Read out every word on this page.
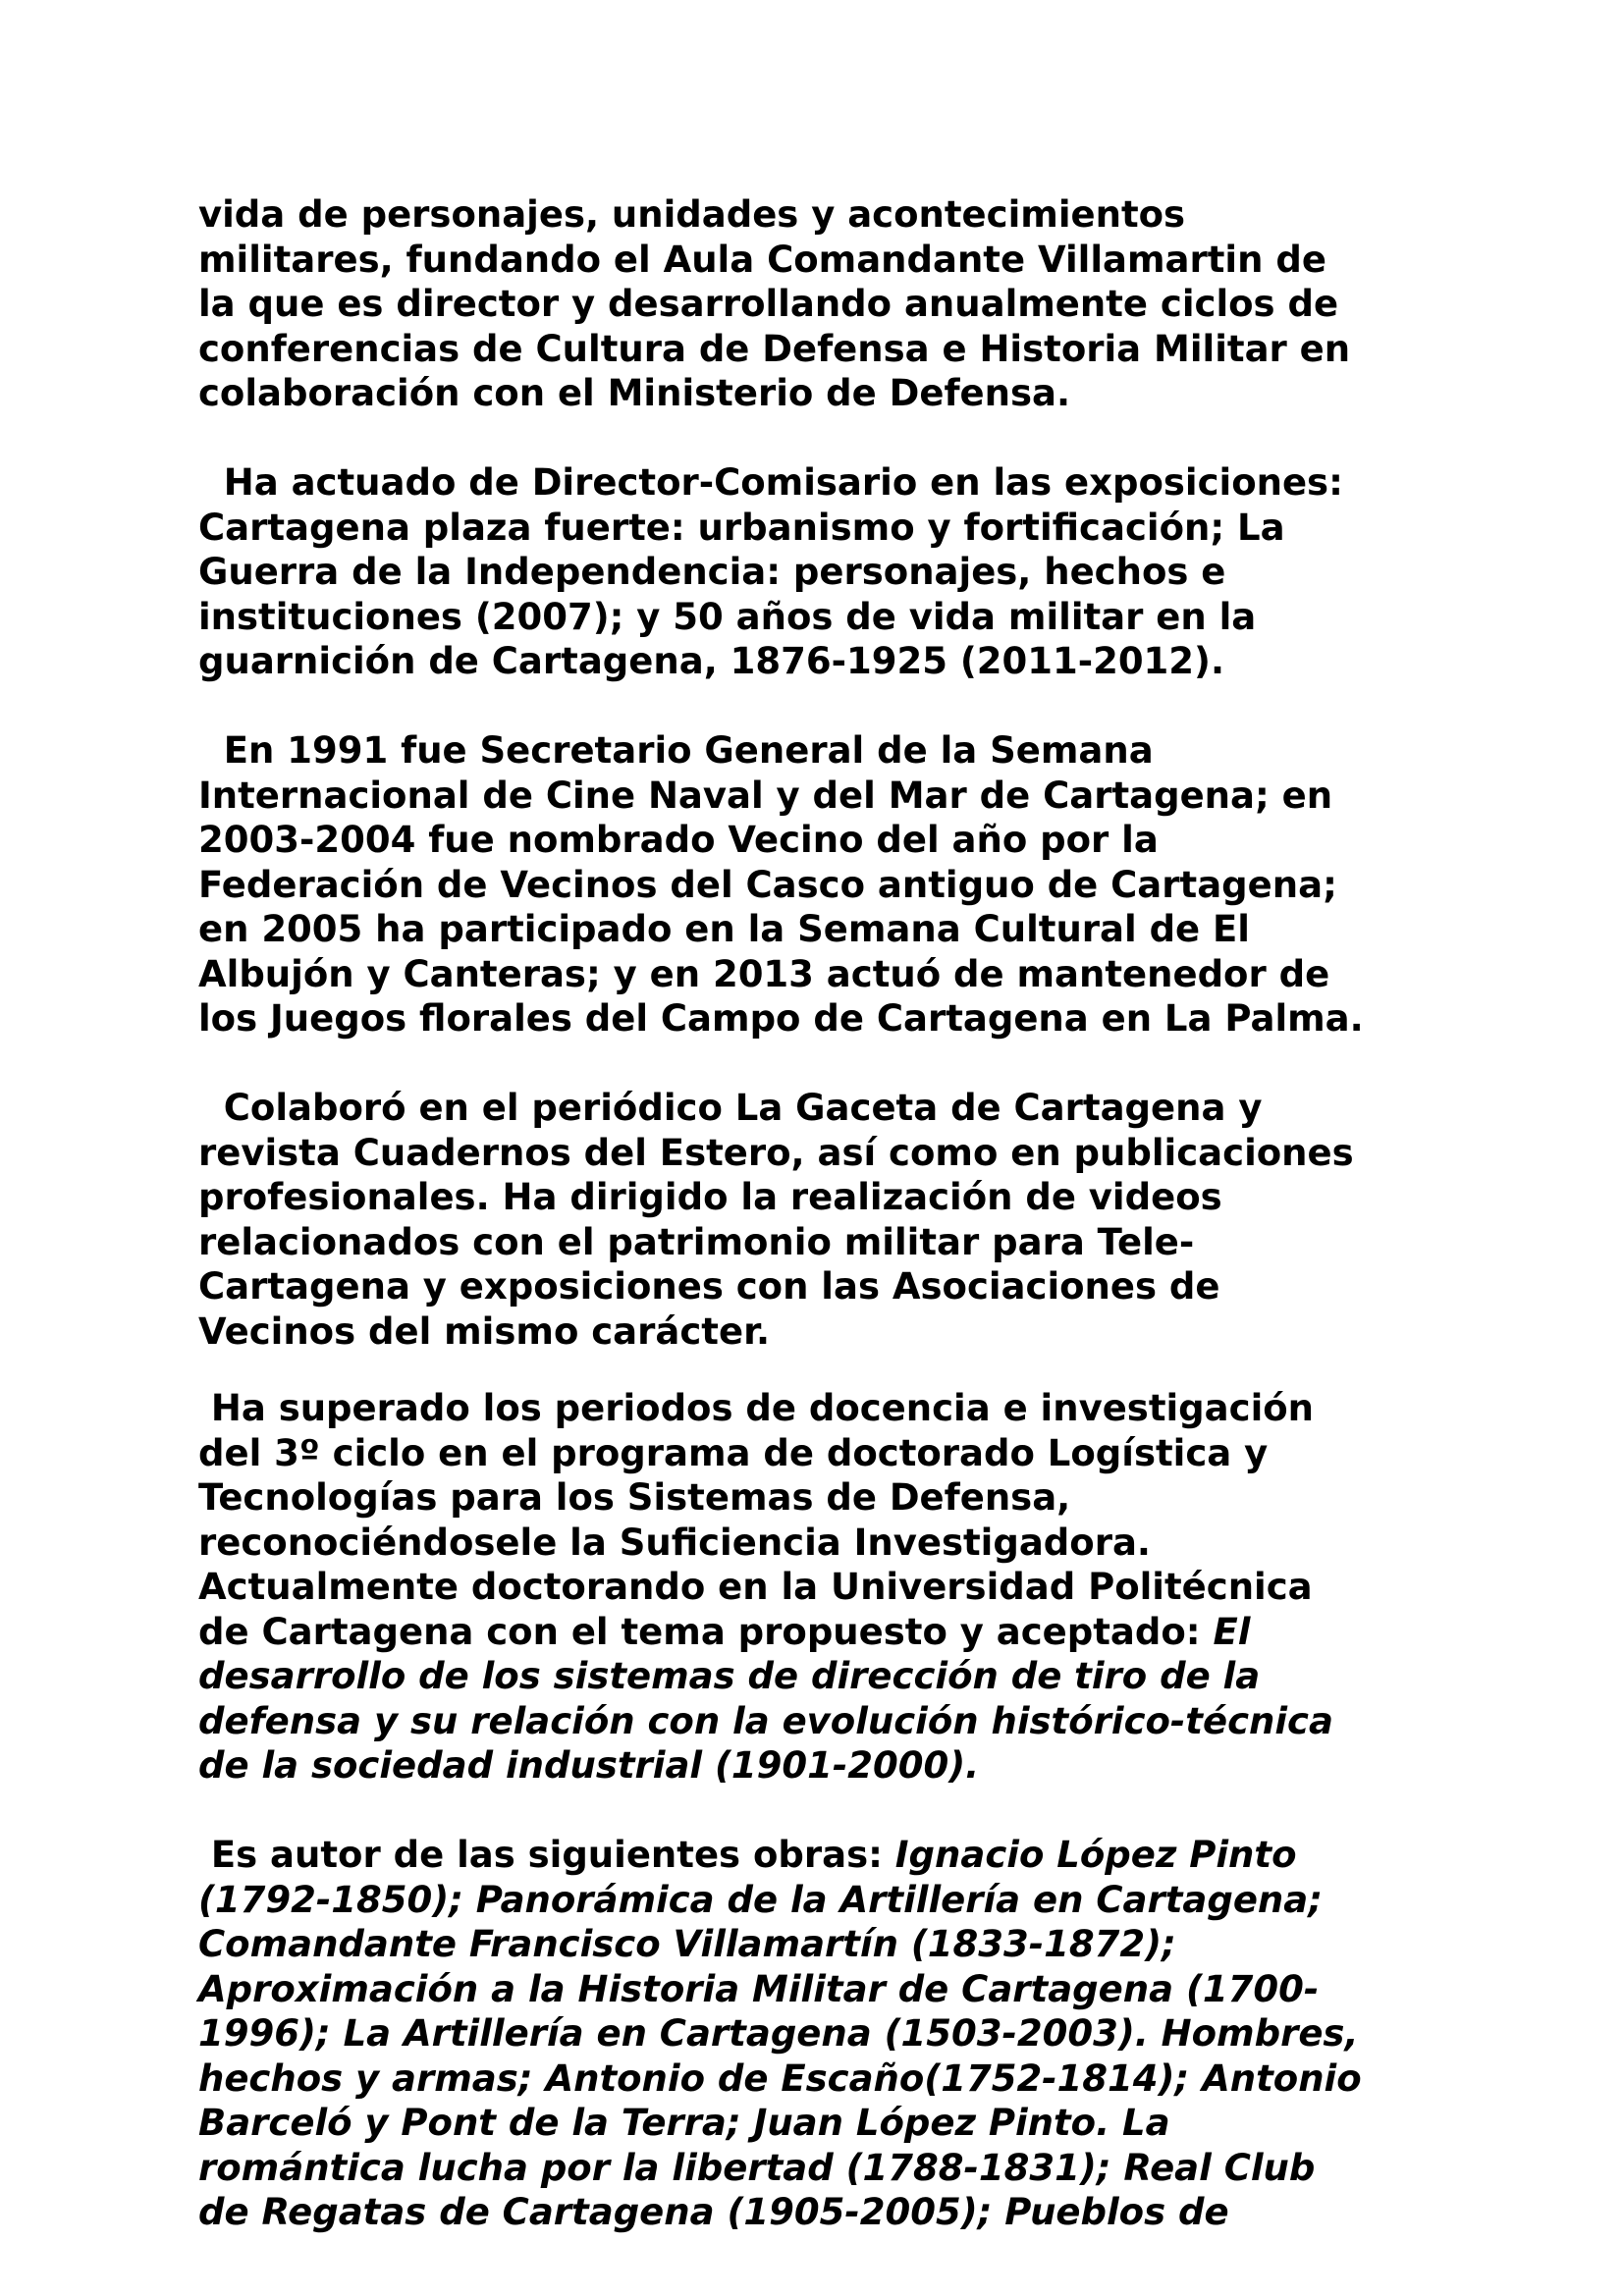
vida de personajes, unidades y acontecimientos
militares, fundando el Aula Comandante Villamartin de
la que es director y desarrollando anualmente ciclos de
conferencias de Cultura de Defensa e Historia Militar en
colaboración con el Ministerio de Defensa.
Ha actuado de Director-Comisario en las exposiciones:
Cartagena plaza fuerte: urbanismo y fortificación; La
Guerra de la Independencia: personajes, hechos e
instituciones (2007); y 50 años de vida militar en la
guarnición de Cartagena, 1876-1925 (2011-2012).
En 1991 fue Secretario General de la Semana
Internacional de Cine Naval y del Mar de Cartagena; en
2003-2004 fue nombrado Vecino del año por la
Federación de Vecinos del Casco antiguo de Cartagena;
en 2005 ha participado en la Semana Cultural de El
Albujón y Canteras; y en 2013 actuó de mantenedor de
los Juegos florales del Campo de Cartagena en La Palma.
Colaboró en el periódico La Gaceta de Cartagena y
revista Cuadernos del Estero, así como en publicaciones
profesionales. Ha dirigido la realización de videos
relacionados con el patrimonio militar para Tele-
Cartagena y exposiciones con las Asociaciones de
Vecinos del mismo carácter.
Ha superado los periodos de docencia e investigación
del 3º ciclo en el programa de doctorado Logística y
Tecnologías para los Sistemas de Defensa,
reconociéndosele la Suficiencia Investigadora.
Actualmente doctorando en la Universidad Politécnica
de Cartagena con el tema propuesto y aceptado: El
desarrollo de los sistemas de dirección de tiro de la
defensa y su relación con la evolución histórico-técnica
de la sociedad industrial (1901-2000).
Es autor de las siguientes obras: Ignacio López Pinto
(1792-1850); Panorámica de la Artillería en Cartagena;
Comandante Francisco Villamartín (1833-1872);
Aproximación a la Historia Militar de Cartagena (1700-
1996); La Artillería en Cartagena (1503-2003). Hombres,
hechos y armas; Antonio de Escaño(1752-1814); Antonio
Barceló y Pont de la Terra; Juan López Pinto. La
romántica lucha por la libertad (1788-1831); Real Club
de Regatas de Cartagena (1905-2005); Pueblos de
